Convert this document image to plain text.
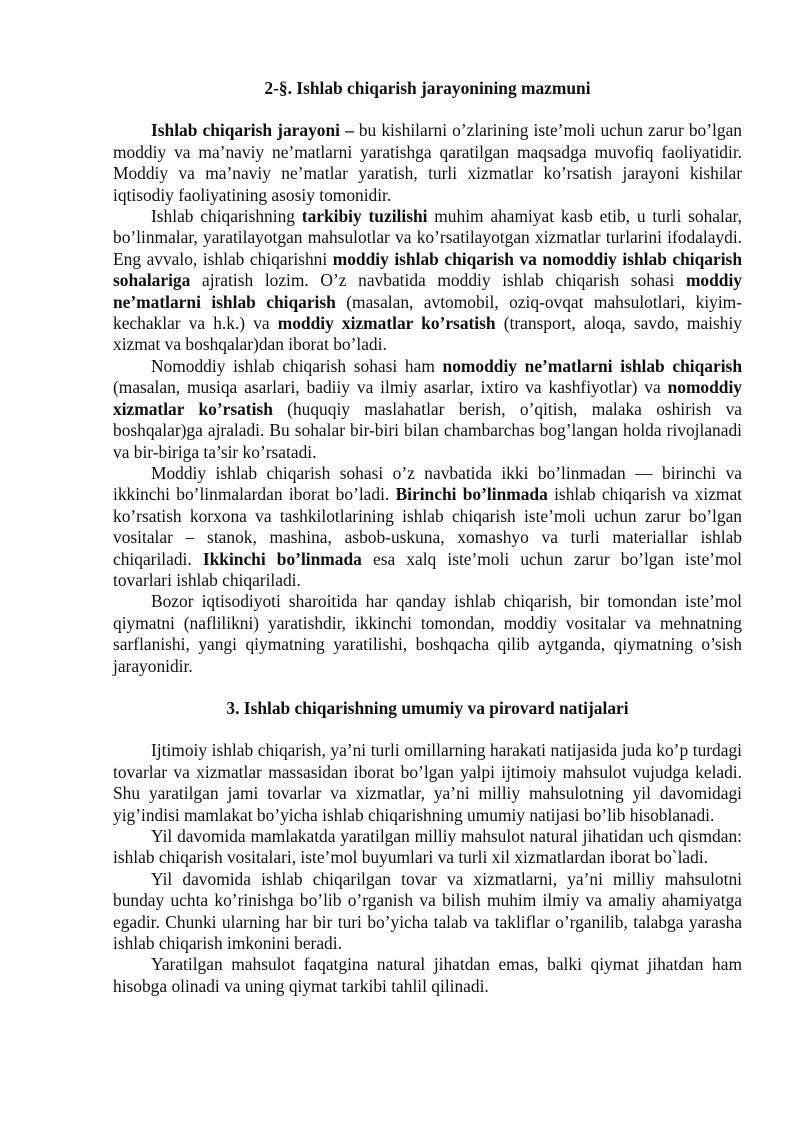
2-§. Ishlab chiqarish jarayonining mazmuni

Ishlab chiqarish jarayoni – bu kishilarni o’zlarining iste’moli uchun zarur bo’lgan moddiy va ma’naviy ne’matlarni yaratishga qaratilgan maqsadga muvofiq faoliyatidir. Moddiy va ma’naviy ne’matlar yaratish, turli xizmatlar ko’rsatish jarayoni kishilar iqtisodiy faoliyatining asosiy tomonidir.

Ishlab chiqarishning tarkibiy tuzilishi muhim ahamiyat kasb etib, u turli sohalar, bo’linmalar, yaratilayotgan mahsulotlar va ko’rsatilayotgan xizmatlar turlarini ifodalaydi. Eng avvalo, ishlab chiqarishni moddiy ishlab chiqarish va nomoddiy ishlab chiqarish sohalariga ajratish lozim. O’z navbatida moddiy ishlab chiqarish sohasi moddiy ne’matlarni ishlab chiqarish (masalan, avtomobil, oziq-ovqat mahsulotlari, kiyim-kechaklar va h.k.) va moddiy xizmatlar ko’rsatish (transport, aloqa, savdo, maishiy xizmat va boshqalar)dan iborat bo’ladi.

Nomoddiy ishlab chiqarish sohasi ham nomoddiy ne’matlarni ishlab chiqarish (masalan, musiqa asarlari, badiiy va ilmiy asarlar, ixtiro va kashfiyotlar) va nomoddiy xizmatlar ko’rsatish (huquqiy maslahatlar berish, o’qitish, malaka oshirish va boshqalar)ga ajraladi. Bu sohalar bir-biri bilan chambarchas bog’langan holda rivojlanadi va bir-biriga ta’sir ko’rsatadi.

Moddiy ishlab chiqarish sohasi o’z navbatida ikki bo’linmadan — birinchi va ikkinchi bo’linmalardan iborat bo’ladi. Birinchi bo’linmada ishlab chiqarish va xizmat ko’rsatish korxona va tashkilotlarining ishlab chiqarish iste’moli uchun zarur bo’lgan vositalar – stanok, mashina, asbob-uskuna, xomashyo va turli materiallar ishlab chiqariladi. Ikkinchi bo’linmada esa xalq iste’moli uchun zarur bo’lgan iste’mol tovarlari ishlab chiqariladi.

Bozor iqtisodiyoti sharoitida har qanday ishlab chiqarish, bir tomondan iste’mol qiymatni (naflilikni) yaratishdir, ikkinchi tomondan, moddiy vositalar va mehnatning sarflanishi, yangi qiymatning yaratilishi, boshqacha qilib aytganda, qiymatning o’sish jarayonidir.

3. Ishlab chiqarishning umumiy va pirovard natijalari

Ijtimoiy ishlab chiqarish, ya’ni turli omillarning harakati natijasida juda ko’p turdagi tovarlar va xizmatlar massasidan iborat bo’lgan yalpi ijtimoiy mahsulot vujudga keladi. Shu yaratilgan jami tovarlar va xizmatlar, ya’ni milliy mahsulotning yil davomidagi yig’indisi mamlakat bo’yicha ishlab chiqarishning umumiy natijasi bo’lib hisoblanadi.

Yil davomida mamlakatda yaratilgan milliy mahsulot natural jihatidan uch qismdan: ishlab chiqarish vositalari, iste’mol buyumlari va turli xil xizmatlardan iborat bo`ladi.

Yil davomida ishlab chiqarilgan tovar va xizmatlarni, ya’ni milliy mahsulotni bunday uchta ko’rinishga bo’lib o’rganish va bilish muhim ilmiy va amaliy ahamiyatga egadir. Chunki ularning har bir turi bo’yicha talab va takliflar o’rganilib, talabga yarasha ishlab chiqarish imkonini beradi.

Yaratilgan mahsulot faqatgina natural jihatdan emas, balki qiymat jihatdan ham hisobga olinadi va uning qiymat tarkibi tahlil qilinadi.
